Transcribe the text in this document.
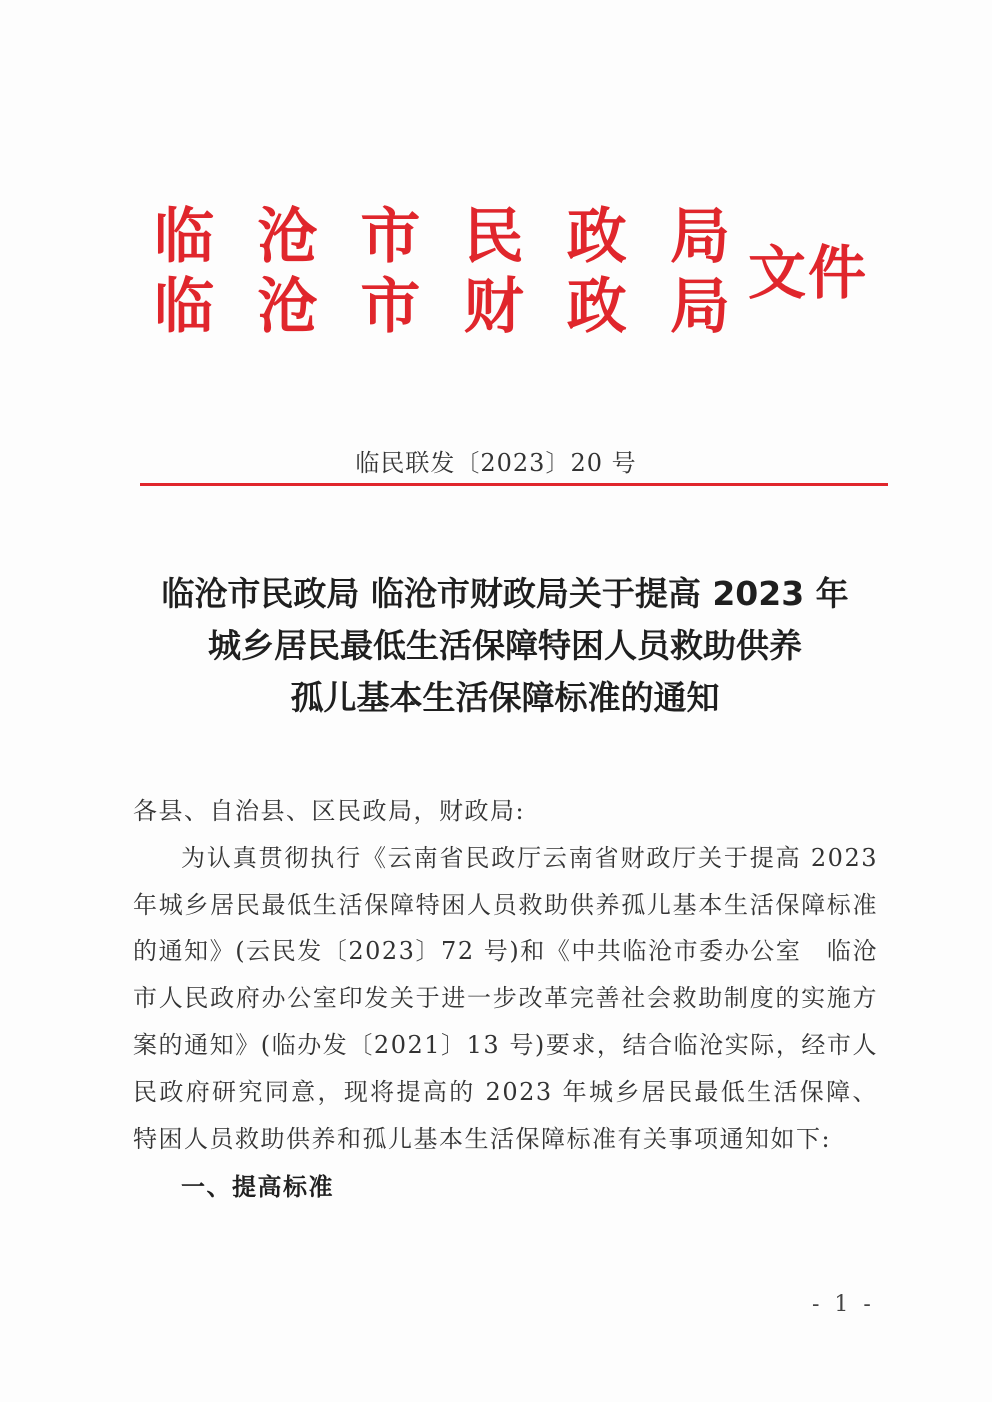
临 沧 市 民 政 局
临 沧 市 财 政 局 文件
临民联发〔2023〕20 号
临沧市民政局 临沧市财政局关于提高 2023 年
城乡居民最低生活保障特困人员救助供养
孤儿基本生活保障标准的通知

各县、自治县、区民政局，财政局:

为认真贯彻执行《云南省民政厅云南省财政厅关于提高 2023 年城乡居民最低生活保障特困人员救助供养孤儿基本生活保障标准的通知》(云民发〔2023〕72 号)和《中共临沧市委办公室　临沧市人民政府办公室印发关于进一步改革完善社会救助制度的实施方案的通知》(临办发〔2021〕13 号)要求，结合临沧实际，经市人民政府研究同意，现将提高的 2023 年城乡居民最低生活保障、特困人员救助供养和孤儿基本生活保障标准有关事项通知如下:

一、提高标准

- 1 -
